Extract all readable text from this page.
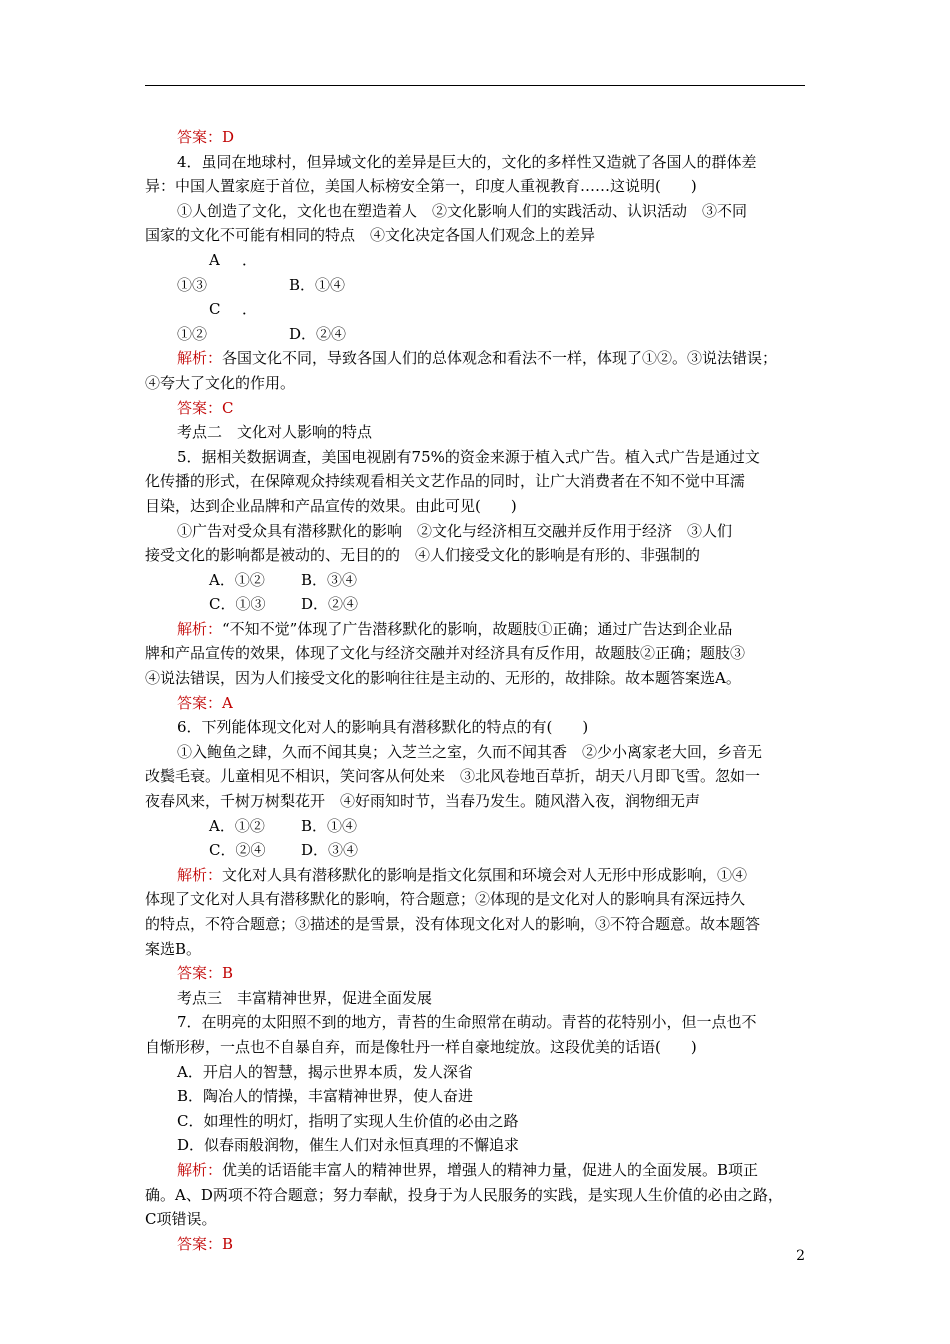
答案：D

4．虽同在地球村，但异域文化的差异是巨大的，文化的多样性又造就了各国人的群体差

异：中国人置家庭于首位，美国人标榜安全第一，印度人重视教育……这说明(　　)

①人创造了文化，文化也在塑造着人　②文化影响人们的实践活动、认识活动　③不同

国家的文化不可能有相同的特点　④文化决定各国人们观念上的差异

A．①③	B．①④

C．①②	D．②④

解析：各国文化不同，导致各国人们的总体观念和看法不一样，体现了①②。③说法错误；

④夸大了文化的作用。

答案：C

考点二　文化对人影响的特点

5．据相关数据调查，美国电视剧有75%的资金来源于植入式广告。植入式广告是通过文

化传播的形式，在保障观众持续观看相关文艺作品的同时，让广大消费者在不知不觉中耳濡

目染，达到企业品牌和产品宣传的效果。由此可见(　　)

①广告对受众具有潜移默化的影响　②文化与经济相互交融并反作用于经济　③人们

接受文化的影响都是被动的、无目的的　④人们接受文化的影响是有形的、非强制的

A．①② B．③④

C．①③ D．②④

解析：“不知不觉”体现了广告潜移默化的影响，故题肢①正确；通过广告达到企业品

牌和产品宣传的效果，体现了文化与经济交融并对经济具有反作用，故题肢②正确；题肢③

④说法错误，因为人们接受文化的影响往往是主动的、无形的，故排除。故本题答案选A。

答案：A

6．下列能体现文化对人的影响具有潜移默化的特点的有(　　)

①入鲍鱼之肆，久而不闻其臭；入芝兰之室，久而不闻其香　②少小离家老大回，乡音无

改鬓毛衰。儿童相见不相识，笑问客从何处来　③北风卷地百草折，胡天八月即飞雪。忽如一

夜春风来，千树万树梨花开　④好雨知时节，当春乃发生。随风潜入夜，润物细无声

A．①② B．①④

C．②④ D．③④

解析：文化对人具有潜移默化的影响是指文化氛围和环境会对人无形中形成影响，①④

体现了文化对人具有潜移默化的影响，符合题意；②体现的是文化对人的影响具有深远持久

的特点，不符合题意；③描述的是雪景，没有体现文化对人的影响，③不符合题意。故本题答

案选B。

答案：B

考点三　丰富精神世界，促进全面发展

7．在明亮的太阳照不到的地方，青苔的生命照常在萌动。青苔的花特别小，但一点也不

自惭形秽，一点也不自暴自弃，而是像牡丹一样自豪地绽放。这段优美的话语(　　)

A．开启人的智慧，揭示世界本质，发人深省

B．陶冶人的情操，丰富精神世界，使人奋进

C．如理性的明灯，指明了实现人生价值的必由之路

D．似春雨般润物，催生人们对永恒真理的不懈追求

解析：优美的话语能丰富人的精神世界，增强人的精神力量，促进人的全面发展。B项正

确。A、D两项不符合题意；努力奉献，投身于为人民服务的实践，是实现人生价值的必由之路，

C项错误。

答案：B

2
